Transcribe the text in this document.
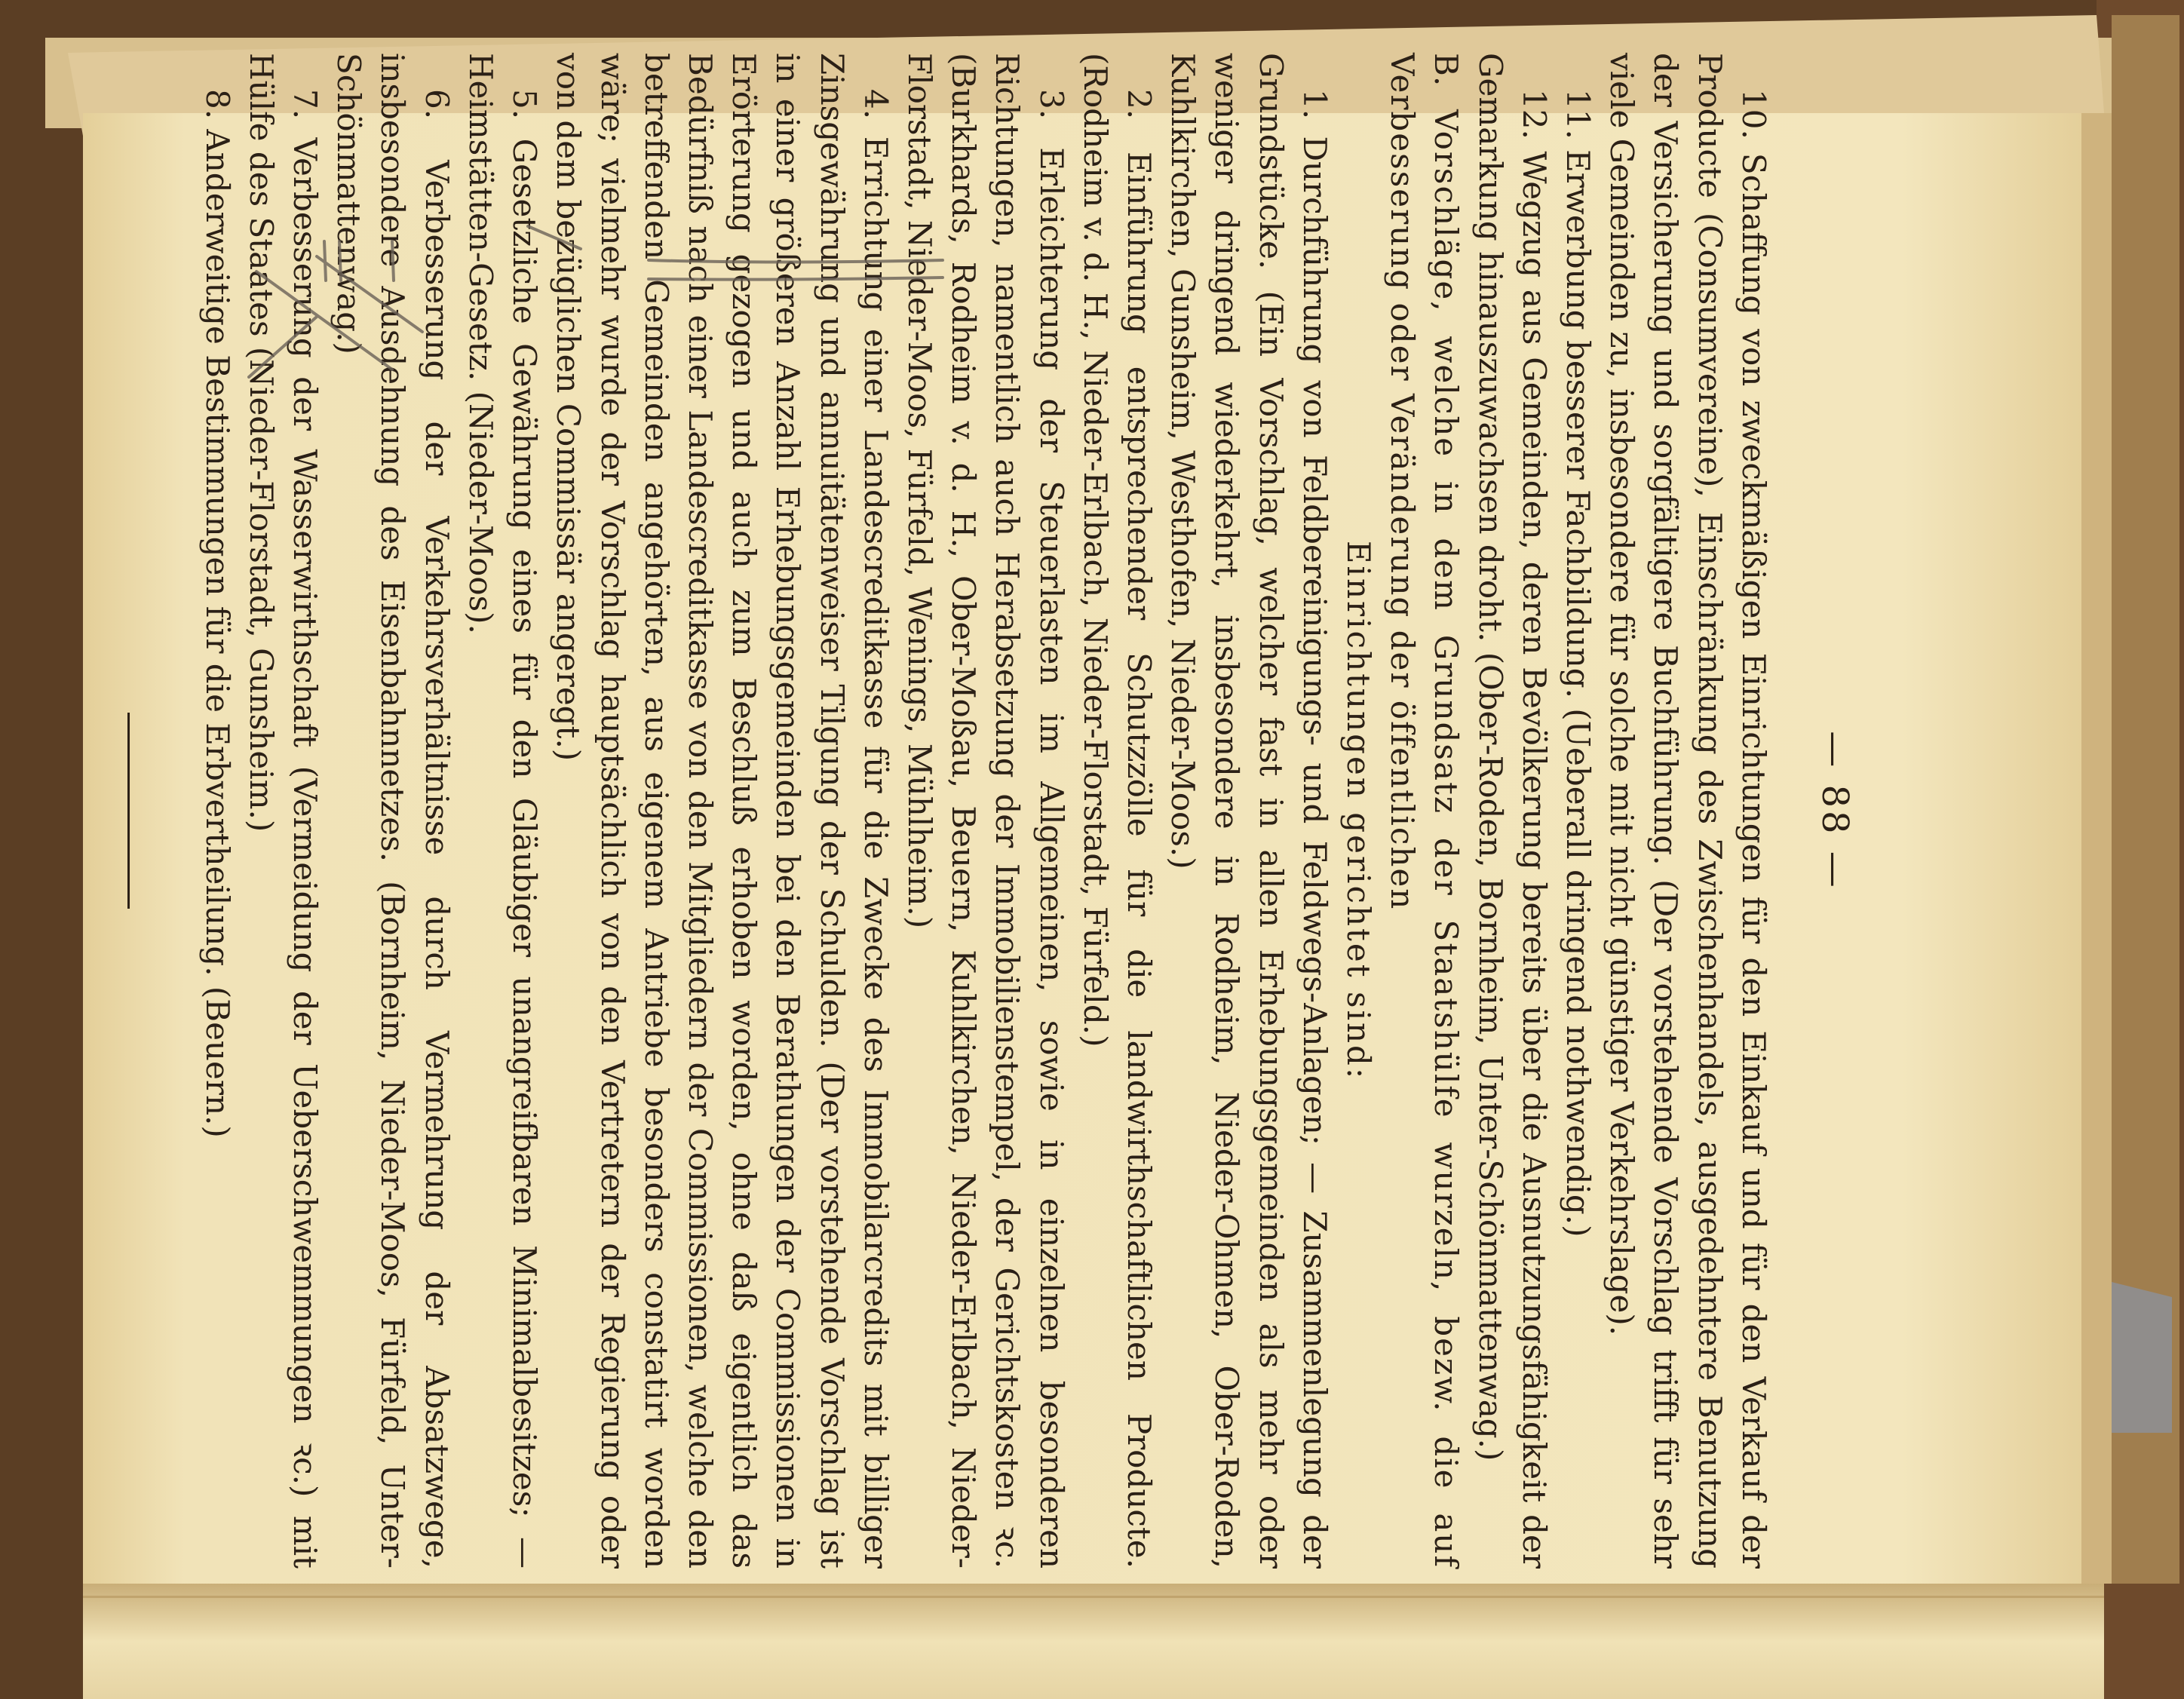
— 88 —

10. Schaffung von zweckmäßigen Einrichtungen für den Einkauf und für den Verkauf der Producte (Consumvereine), Einschränkung des Zwischenhandels, ausgedehntere Benutzung der Versicherung und sorgfältigere Buchführung. (Der vorstehende Vorschlag trifft für sehr viele Gemeinden zu, insbesondere für solche mit nicht günstiger Verkehrslage).

11. Erwerbung besserer Fachbildung. (Ueberall dringend nothwendig.)

12. Wegzug aus Gemeinden, deren Bevölkerung bereits über die Ausnutzungsfähigkeit der Gemarkung hinauszuwachsen droht. (Ober-Roden, Bornheim, Unter-Schönmattenwag.)

B. Vorschläge, welche in dem Grundsatz der Staatshülfe wurzeln, bezw. die auf Verbesserung oder Veränderung der öffentlichen

Einrichtungen gerichtet sind:

1. Durchführung von Feldbereinigungs- und Feldwegs-Anlagen; — Zusammenlegung der Grundstücke. (Ein Vorschlag, welcher fast in allen Erhebungsgemeinden als mehr oder weniger dringend wiederkehrt, insbesondere in Rodheim, Nieder-Ohmen, Ober-Roden, Kuhlkirchen, Gunsheim, Westhofen, Nieder-Moos.)

2. Einführung entsprechender Schutzzölle für die landwirthschaftlichen Producte. (Rodheim v. d. H., Nieder-Erlbach, Nieder-Florstadt, Fürfeld.)

3. Erleichterung der Steuerlasten im Allgemeinen, sowie in einzelnen besonderen Richtungen, namentlich auch Herabsetzung der Immobilienstempel, der Gerichtskosten ꝛc. (Burkhards, Rodheim v. d. H., Ober-Moßau, Beuern, Kuhlkirchen, Nieder-Erlbach, Nieder-Florstadt, Nieder-Moos, Fürfeld, Wenings, Mühlheim.)

4. Errichtung einer Landescreditkasse für die Zwecke des Immobilarcredits mit billiger Zinsgewährung und annuitätenweiser Tilgung der Schulden. (Der vorstehende Vorschlag ist in einer größeren Anzahl Erhebungsgemeinden bei den Berathungen der Commissionen in Erörterung gezogen und auch zum Beschluß erhoben worden, ohne daß eigentlich das Bedürfniß nach einer Landescreditkasse von den Mitgliedern der Commissionen, welche den betreffenden Gemeinden angehörten, aus eigenem Antriebe besonders constatirt worden wäre; vielmehr wurde der Vorschlag hauptsächlich von den Vertretern der Regierung oder von dem bezüglichen Commissär angeregt.)

5. Gesetzliche Gewährung eines für den Gläubiger unangreifbaren Minimalbesitzes; — Heimstätten-Gesetz. (Nieder-Moos).

6. Verbesserung der Verkehrsverhältnisse durch Vermehrung der Absatzwege, insbesondere Ausdehnung des Eisenbahnnetzes. (Bornheim, Nieder-Moos, Fürfeld, Unter-Schönmattenwag.)

7. Verbesserung der Wasserwirthschaft (Vermeidung der Ueberschwemmungen ꝛc.) mit Hülfe des Staates (Nieder-Florstadt, Gunsheim.)

8. Anderweitige Bestimmungen für die Erbvertheilung. (Beuern.)
